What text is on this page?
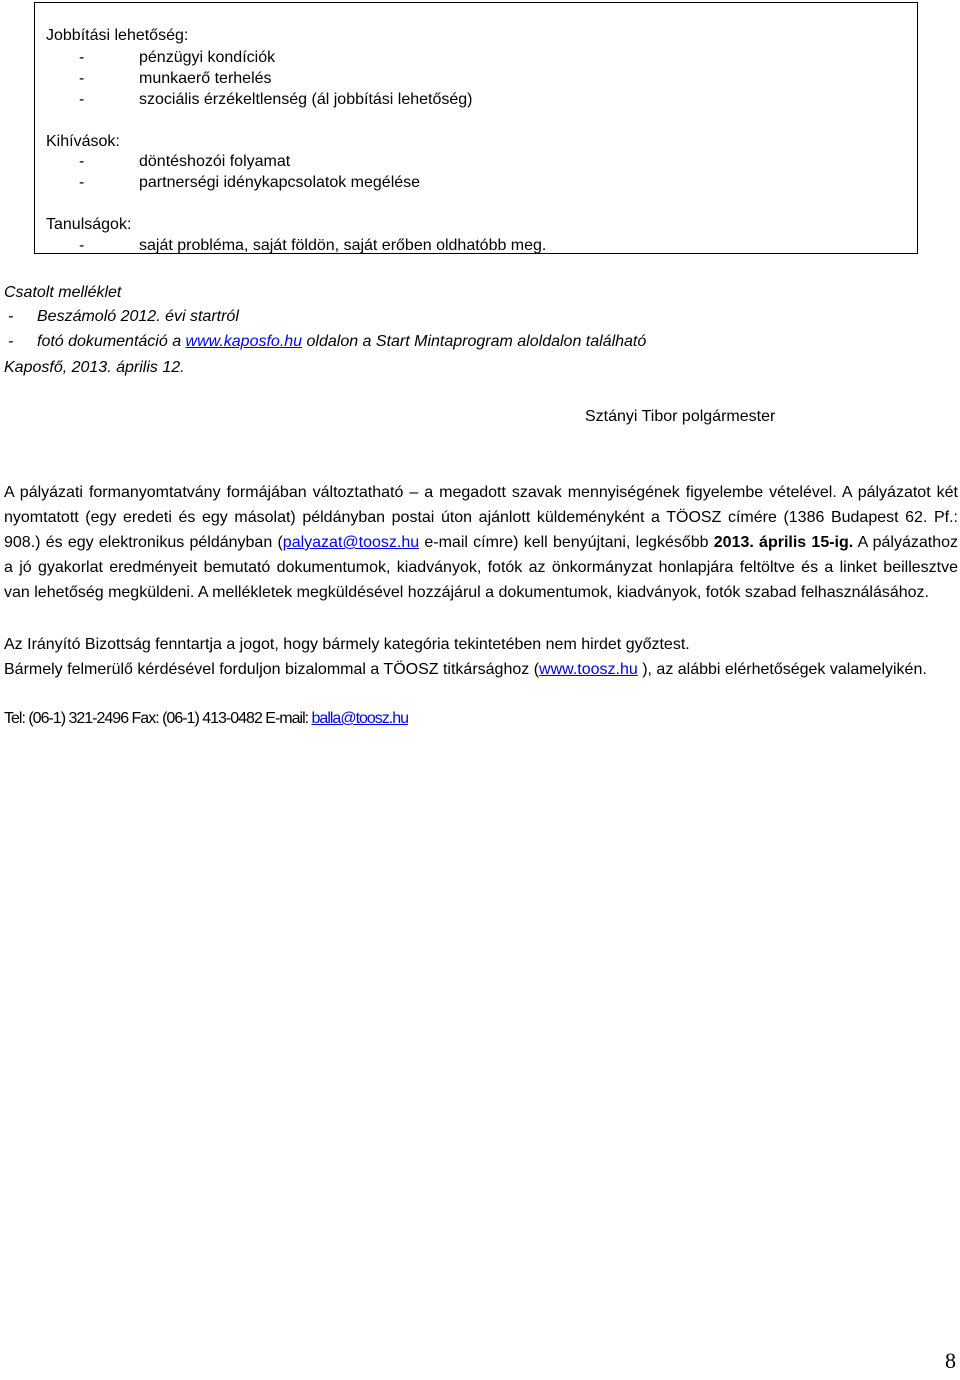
Jobbítási lehetőség:
-	pénzügyi kondíciók
-	munkaerő terhelés
-	szociális érzékeltlenség (ál jobbítási lehetőség)
Kihívások:
-	döntéshozói folyamat
-	partnerségi idénykapcsolatok megélése
Tanulságok:
-	saját probléma, saját földön, saját erőben oldhatóbb meg.
Csatolt melléklet
- Beszámoló 2012. évi startról
- fotó dokumentáció a www.kaposfo.hu oldalon a Start Mintaprogram aloldalon található
Kaposfő, 2013. április 12.
Sztányi Tibor polgármester

A pályázati formanyomtatvány formájában változtatható – a megadott szavak mennyiségének figyelembe vételével. A pályázatot két nyomtatott (egy eredeti és egy másolat) példányban postai úton ajánlott küldeményként a TÖOSZ címére (1386 Budapest 62. Pf.: 908.) és egy elektronikus példányban (palyazat@toosz.hu e-mail címre) kell benyújtani, legkésőbb 2013. április 15-ig. A pályázathoz a jó gyakorlat eredményeit bemutató dokumentumok, kiadványok, fotók az önkormányzat honlapjára feltöltve és a linket beillesztve van lehetőség megküldeni. A mellékletek megküldésével hozzájárul a dokumentumok, kiadványok, fotók szabad felhasználásához.

Az Irányító Bizottság fenntartja a jogot, hogy bármely kategória tekintetében nem hirdet győztest.

Bármely felmerülő kérdésével forduljon bizalommal a TÖOSZ titkársághoz (www.toosz.hu ), az alábbi elérhetőségek valamelyikén.

Tel: (06-1) 321-2496 Fax: (06-1) 413-0482 E-mail: balla@toosz.hu
8
